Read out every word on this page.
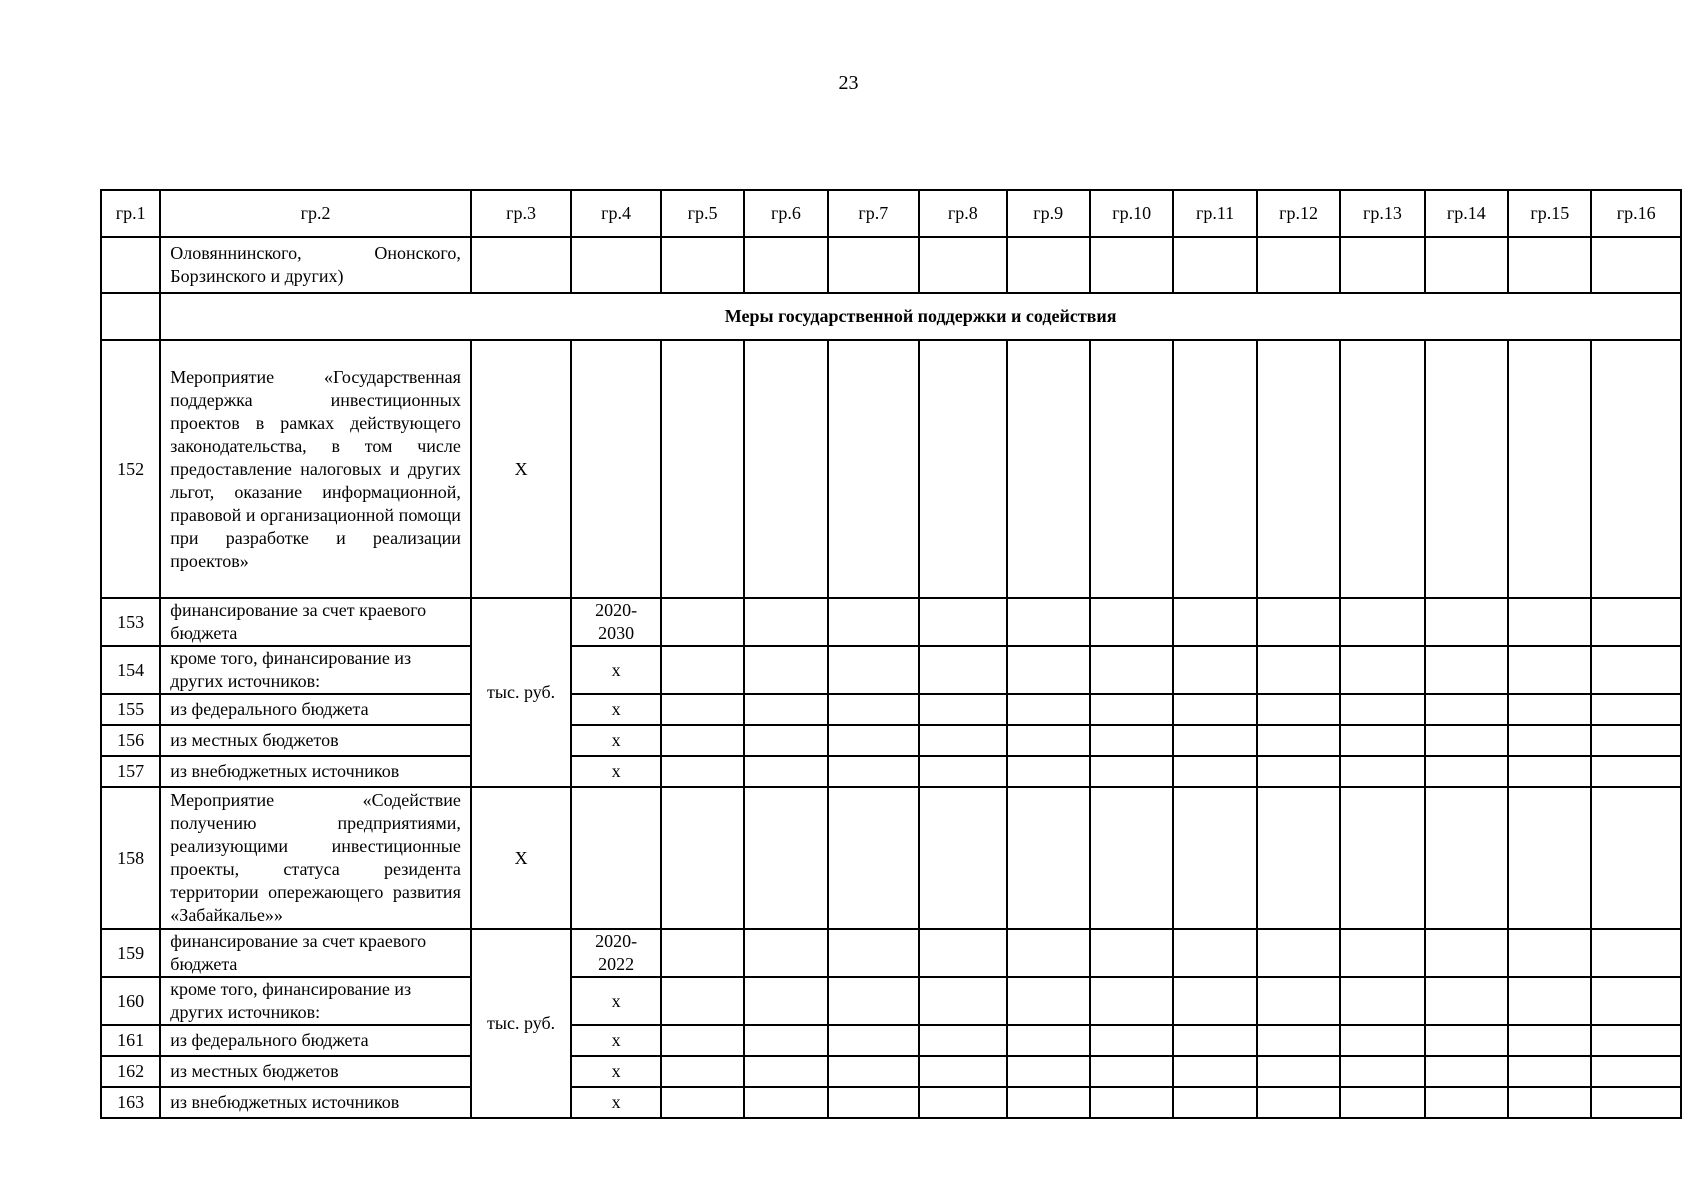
23
гр.1	гр.2	гр.3	гр.4	гр.5	гр.6	гр.7	гр.8	гр.9	гр.10	гр.11	гр.12	гр.13	гр.14	гр.15	гр.16
	Оловяннинского, Ононского, Борзинского и других)														
	Меры государственной поддержки и содействия														
152	Мероприятие «Государственная поддержка инвестиционных проектов в рамках действующего законодательства, в том числе предоставление налоговых и других льгот, оказание информационной, правовой и организационной помощи при разработке и реализации проектов»	X													
153	финансирование за счет краевого бюджета	тыс. руб.	2020-2030												
154	кроме того, финансирование из других источников:		x												
155	из федерального бюджета		x												
156	из местных бюджетов		x												
157	из внебюджетных источников		x												
158	Мероприятие «Содействие получению предприятиями, реализующими инвестиционные проекты, статуса резидента территории опережающего развития «Забайкалье»»	X													
159	финансирование за счет краевого бюджета	тыс. руб.	2020-2022												
160	кроме того, финансирование из других источников:		x												
161	из федерального бюджета		x												
162	из местных бюджетов		x												
163	из внебюджетных источников		x												
